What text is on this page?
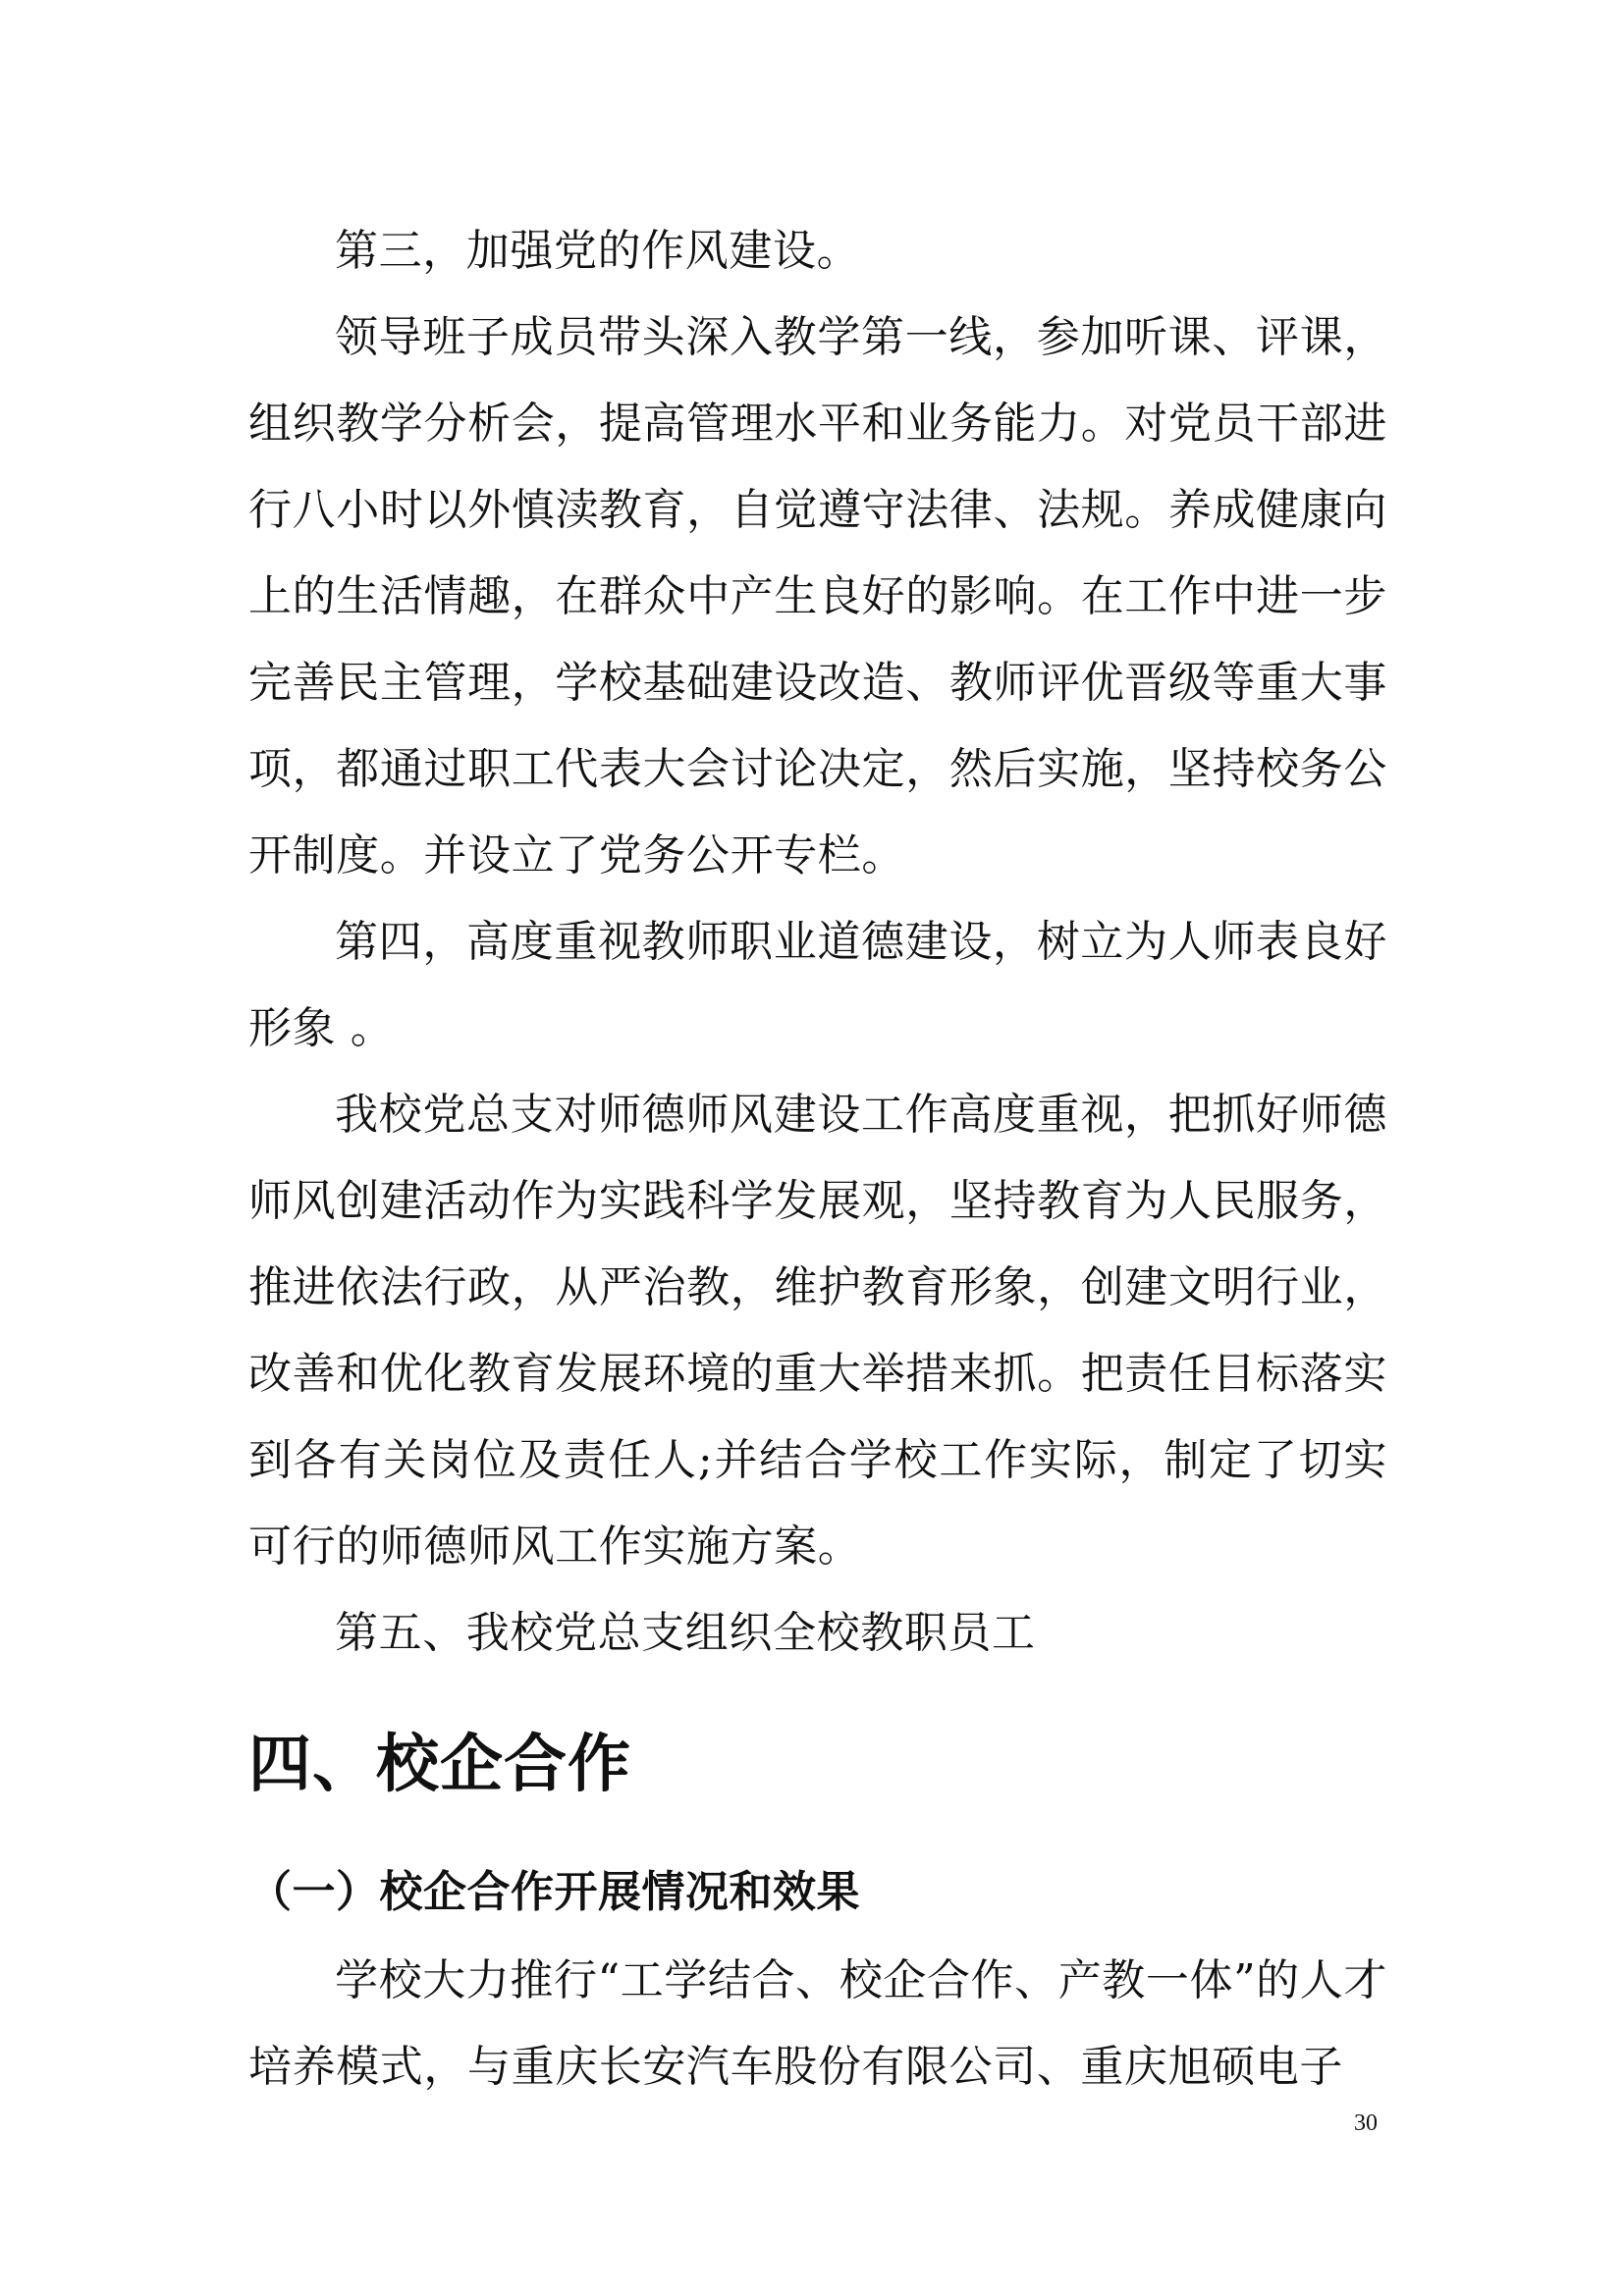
第三，加强党的作风建设。

领导班子成员带头深入教学第一线，参加听课、评课，组织教学分析会，提高管理水平和业务能力。对党员干部进行八小时以外慎渎教育，自觉遵守法律、法规。养成健康向上的生活情趣，在群众中产生良好的影响。在工作中进一步完善民主管理，学校基础建设改造、教师评优晋级等重大事项，都通过职工代表大会讨论决定，然后实施，坚持校务公开制度。并设立了党务公开专栏。

第四，高度重视教师职业道德建设，树立为人师表良好形象 。

我校党总支对师德师风建设工作高度重视，把抓好师德师风创建活动作为实践科学发展观，坚持教育为人民服务，推进依法行政，从严治教，维护教育形象，创建文明行业，改善和优化教育发展环境的重大举措来抓。把责任目标落实到各有关岗位及责任人;并结合学校工作实际，制定了切实可行的师德师风工作实施方案。

第五、我校党总支组织全校教职员工

四、校企合作
（一）校企合作开展情况和效果

学校大力推行“工学结合、校企合作、产教一体”的人才培养模式，与重庆长安汽车股份有限公司、重庆旭硕电子

30
